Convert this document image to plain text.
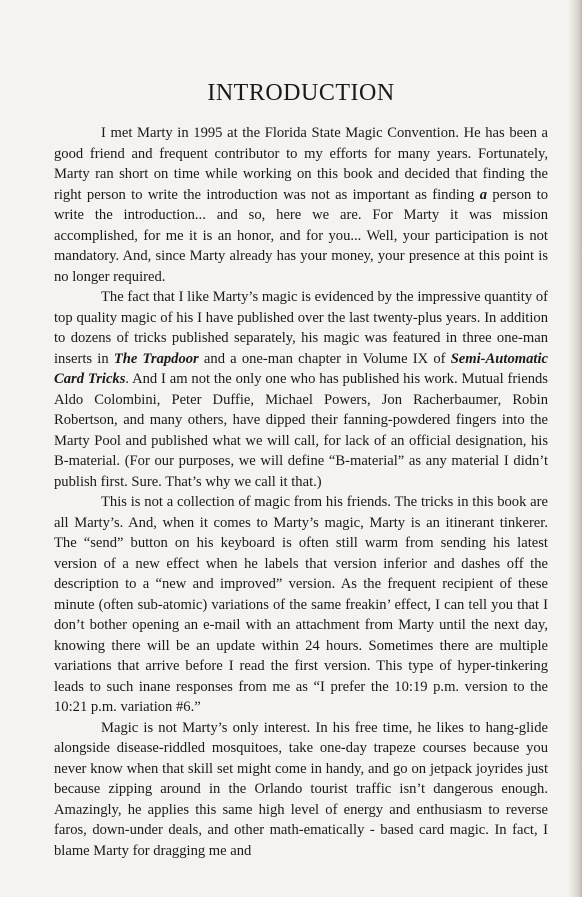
INTRODUCTION

I met Marty in 1995 at the Florida State Magic Convention. He has been a good friend and frequent contributor to my efforts for many years. Fortunately, Marty ran short on time while working on this book and decided that finding the right person to write the introduction was not as important as finding a person to write the introduction... and so, here we are. For Marty it was mission accomplished, for me it is an honor, and for you... Well, your participation is not mandatory. And, since Marty already has your money, your presence at this point is no longer required.

The fact that I like Marty’s magic is evidenced by the impressive quantity of top quality magic of his I have published over the last twenty-plus years. In addition to dozens of tricks published separately, his magic was featured in three one-man inserts in The Trapdoor and a one-man chapter in Volume IX of Semi-Automatic Card Tricks. And I am not the only one who has published his work. Mutual friends Aldo Colombini, Peter Duffie, Michael Powers, Jon Racherbaumer, Robin Robertson, and many others, have dipped their fanning-powdered fingers into the Marty Pool and published what we will call, for lack of an official designation, his B-material. (For our purposes, we will define “B-material” as any material I didn’t publish first. Sure. That’s why we call it that.)

This is not a collection of magic from his friends. The tricks in this book are all Marty’s. And, when it comes to Marty’s magic, Marty is an itinerant tinkerer. The “send” button on his keyboard is often still warm from sending his latest version of a new effect when he labels that version inferior and dashes off the description to a “new and improved” version. As the frequent recipient of these minute (often sub-atomic) variations of the same freakin’ effect, I can tell you that I don’t bother opening an e-mail with an attachment from Marty until the next day, knowing there will be an update within 24 hours. Sometimes there are multiple variations that arrive before I read the first version. This type of hyper-tinkering leads to such inane responses from me as “I prefer the 10:19 p.m. version to the 10:21 p.m. variation #6.”

Magic is not Marty’s only interest. In his free time, he likes to hang-glide alongside disease-riddled mosquitoes, take one-day trapeze courses because you never know when that skill set might come in handy, and go on jetpack joyrides just because zipping around in the Orlando tourist traffic isn’t dangerous enough. Amazingly, he applies this same high level of energy and enthusiasm to reverse faros, down-under deals, and other math-ematically - based card magic. In fact, I blame Marty for dragging me and
